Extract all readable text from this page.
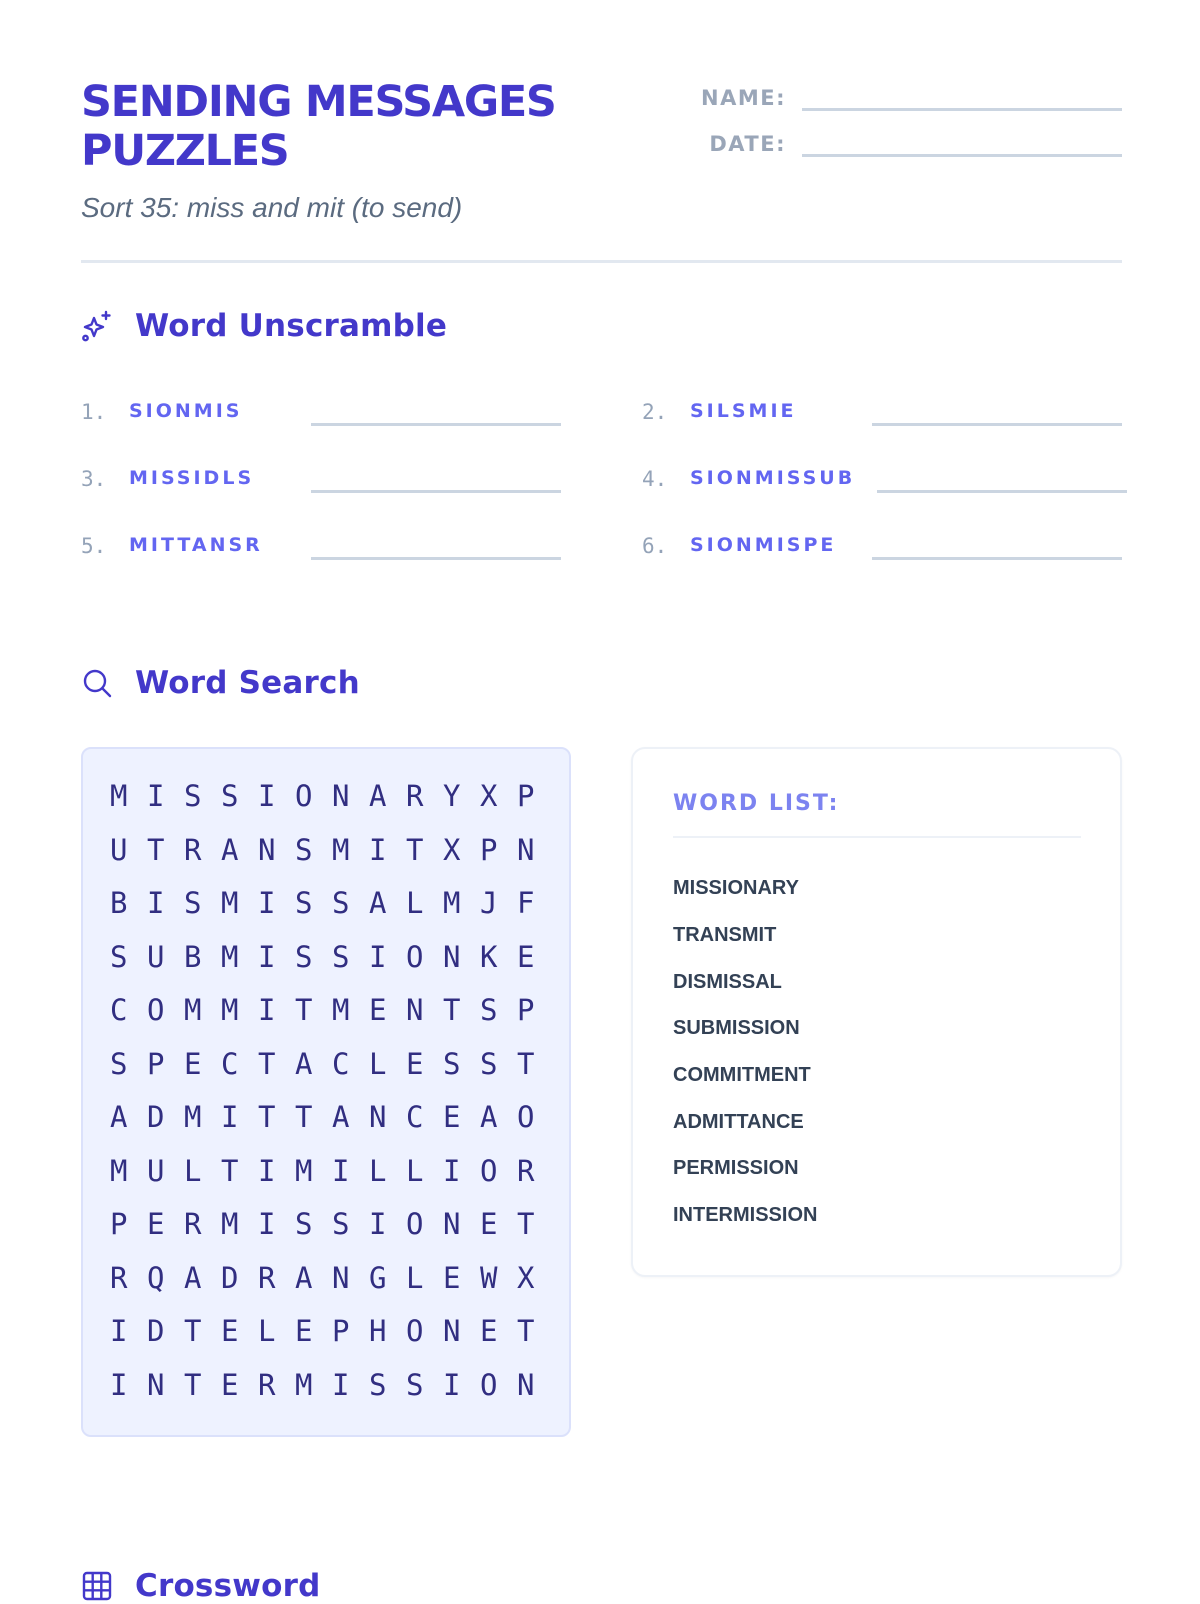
SENDING MESSAGES
PUZZLES

Sort 35: miss and mit (to send)

NAME:
DATE:
Word Unscramble
1. SIONMIS	2. SILSMIE
3. MISSIDLS	4. SIONMISSUB
5. MITTANSR	6. SIONMISPE
Word Search
M I S S I O N A R Y X P
U T R A N S M I T X P N
B I S M I S S A L M J F
S U B M I S S I O N K E
C O M M I T M E N T S P
S P E C T A C L E S S T
A D M I T T A N C E A O
M U L T I M I L L I O R
P E R M I S S I O N E T
R Q A D R A N G L E W X
I D T E L E P H O N E T
I N T E R M I S S I O N
WORD LIST:
MISSIONARY
TRANSMIT
DISMISSAL
SUBMISSION
COMMITMENT
ADMITTANCE
PERMISSION
INTERMISSION
Crossword
